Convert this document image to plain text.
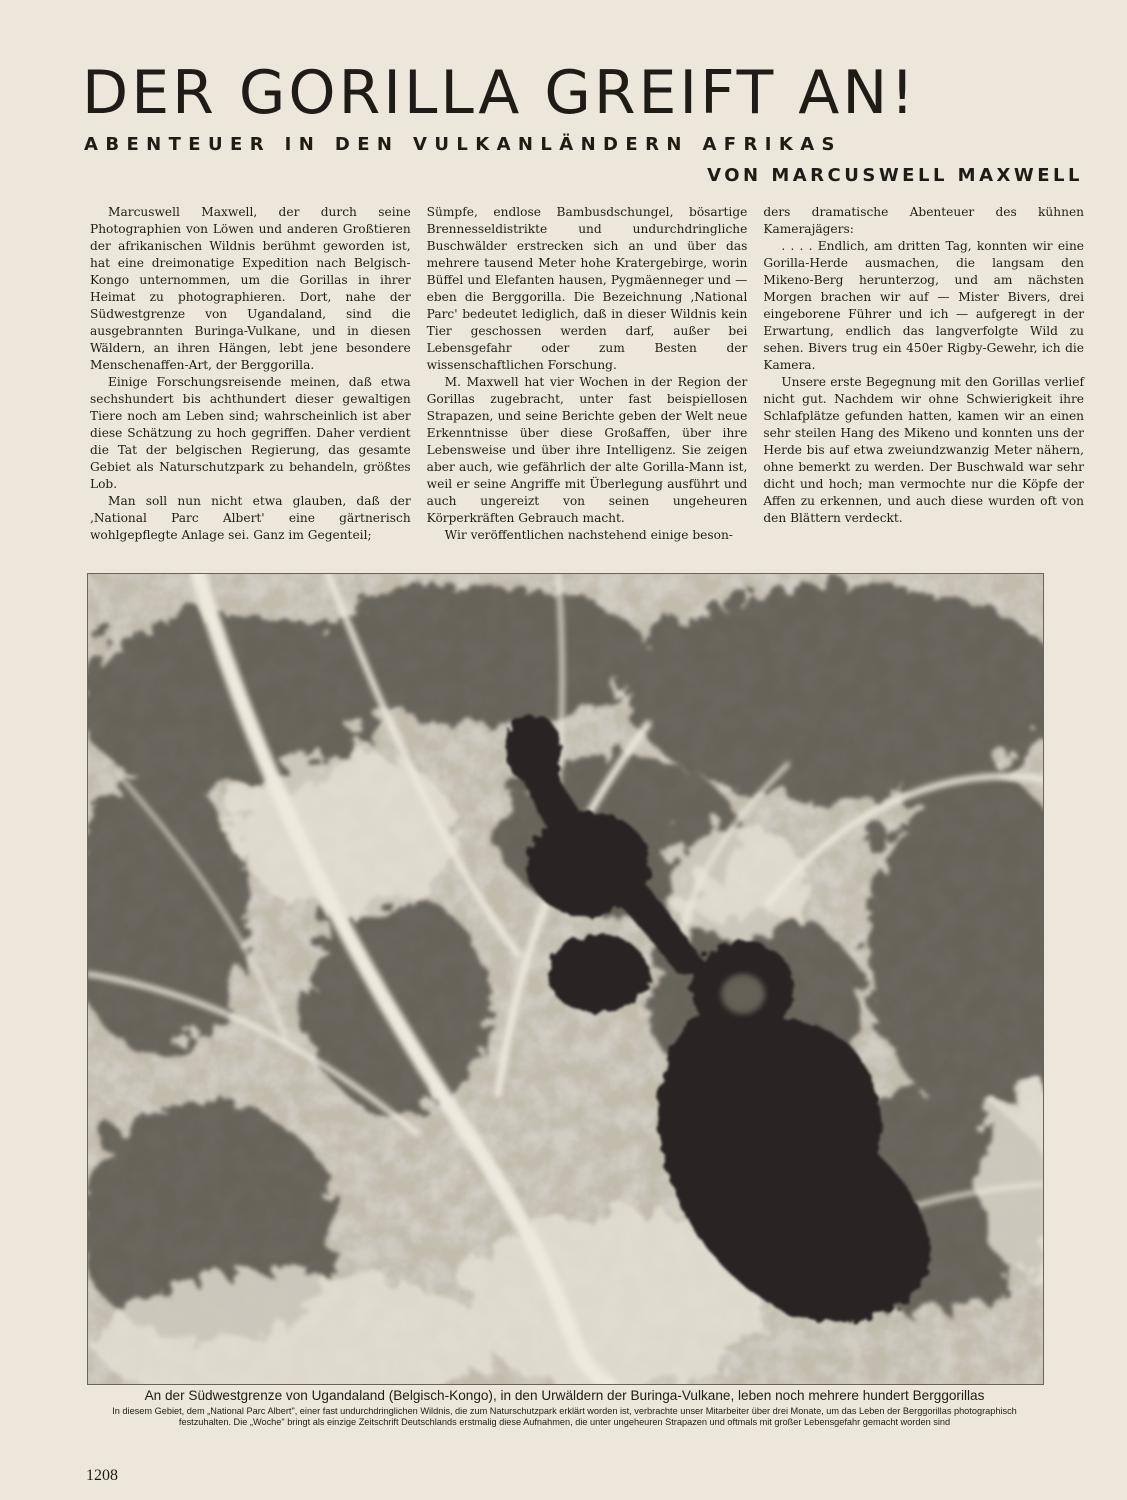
DER GORILLA GREIFT AN!
ABENTEUER IN DEN VULKANLÄNDERN AFRIKAS
VON MARCUSWELL MAXWELL

Marcuswell Maxwell, der durch seine Photographien von Löwen und anderen Großtieren der afrikanischen Wildnis berühmt geworden ist, hat eine dreimonatige Expedition nach Belgisch-Kongo unternommen, um die Gorillas in ihrer Heimat zu photographieren. Dort, nahe der Südwestgrenze von Ugandaland, sind die ausgebrannten Buringa-Vulkane, und in diesen Wäldern, an ihren Hängen, lebt jene besondere Menschenaffen-Art, der Berggorilla.

Einige Forschungsreisende meinen, daß etwa sechshundert bis achthundert dieser gewaltigen Tiere noch am Leben sind; wahrscheinlich ist aber diese Schätzung zu hoch gegriffen. Daher verdient die Tat der belgischen Regierung, das gesamte Gebiet als Naturschutzpark zu behandeln, größtes Lob.

Man soll nun nicht etwa glauben, daß der ‚National Parc Albert' eine gärtnerisch wohlgepflegte Anlage sei. Ganz im Gegenteil;

Sümpfe, endlose Bambusdschungel, bösartige Brennesseldistrikte und undurchdringliche Buschwälder erstrecken sich an und über das mehrere tausend Meter hohe Kratergebirge, worin Büffel und Elefanten hausen, Pygmäenneger und — eben die Berggorilla. Die Bezeichnung ‚National Parc' bedeutet lediglich, daß in dieser Wildnis kein Tier geschossen werden darf, außer bei Lebensgefahr oder zum Besten der wissenschaftlichen Forschung.

M. Maxwell hat vier Wochen in der Region der Gorillas zugebracht, unter fast beispiellosen Strapazen, und seine Berichte geben der Welt neue Erkenntnisse über diese Großaffen, über ihre Lebensweise und über ihre Intelligenz. Sie zeigen aber auch, wie gefährlich der alte Gorilla-Mann ist, weil er seine Angriffe mit Überlegung ausführt und auch ungereizt von seinen ungeheuren Körperkräften Gebrauch macht.

Wir veröffentlichen nachstehend einige beson-

ders dramatische Abenteuer des kühnen Kamerajägers:

. . . . Endlich, am dritten Tag, konnten wir eine Gorilla-Herde ausmachen, die langsam den Mikeno-Berg herunterzog, und am nächsten Morgen brachen wir auf — Mister Bivers, drei eingeborene Führer und ich — aufgeregt in der Erwartung, endlich das langverfolgte Wild zu sehen. Bivers trug ein 450er Rigby-Gewehr, ich die Kamera.

Unsere erste Begegnung mit den Gorillas verlief nicht gut. Nachdem wir ohne Schwierigkeit ihre Schlafplätze gefunden hatten, kamen wir an einen sehr steilen Hang des Mikeno und konnten uns der Herde bis auf etwa zweiundzwanzig Meter nähern, ohne bemerkt zu werden. Der Buschwald war sehr dicht und hoch; man vermochte nur die Köpfe der Affen zu erkennen, und auch diese wurden oft von den Blättern verdeckt.

An der Südwestgrenze von Ugandaland (Belgisch-Kongo), in den Urwäldern der Buringa-Vulkane, leben noch mehrere hundert Berggorillas

In diesem Gebiet, dem „National Parc Albert", einer fast undurchdringlichen Wildnis, die zum Naturschutzpark erklärt worden ist, verbrachte unser Mitarbeiter über drei Monate, um das Leben der Berggorillas photographisch festzuhalten. Die „Woche" bringt als einzige Zeitschrift Deutschlands erstmalig diese Aufnahmen, die unter ungeheuren Strapazen und oftmals mit großer Lebensgefahr gemacht worden sind

1208
